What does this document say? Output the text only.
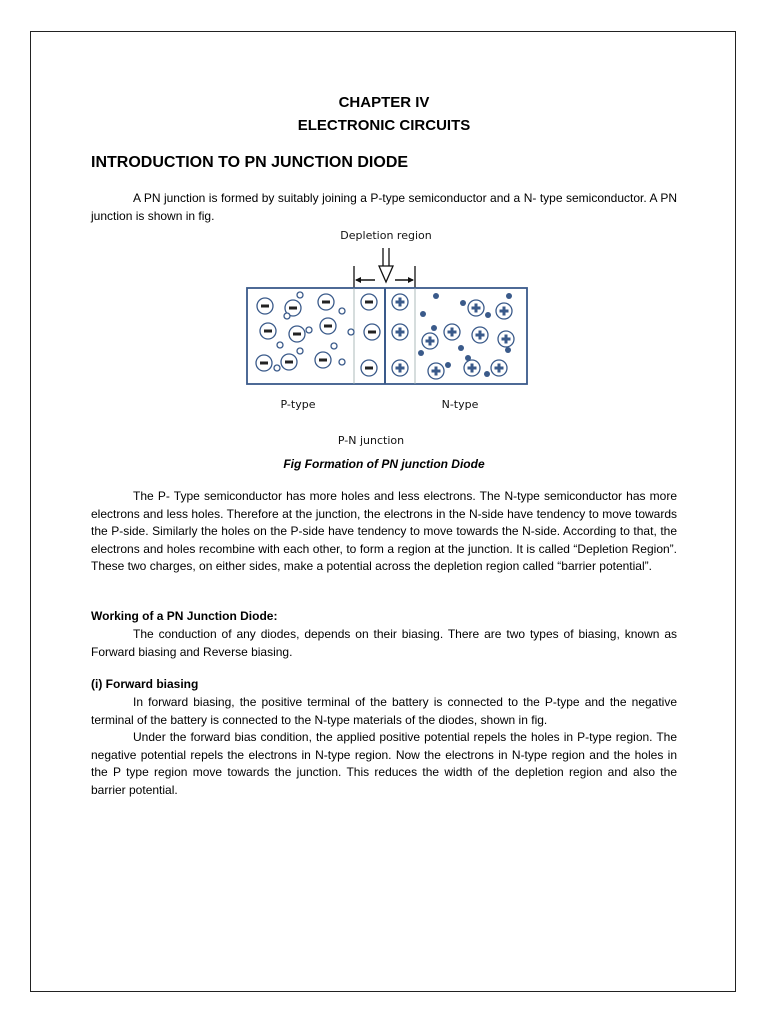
CHAPTER IV
ELECTRONIC CIRCUITS
INTRODUCTION TO PN JUNCTION DIODE

A PN junction is formed by suitably joining a P-type semiconductor and a N- type semiconductor. A PN junction is shown in fig.

Depletion region
P-type	N-type
P-N junction

Fig Formation of PN junction Diode

The P- Type semiconductor has more holes and less electrons. The N-type semiconductor has more electrons and less holes. Therefore at the junction, the electrons in the N-side have tendency to move towards the P-side. Similarly the holes on the P-side have tendency to move towards the N-side. According to that, the electrons and holes recombine with each other, to form a region at the junction. It is called “Depletion Region”. These two charges, on either sides, make a potential across the depletion region called “barrier potential”.

Working of a PN Junction Diode:

The conduction of any diodes, depends on their biasing. There are two types of biasing, known as Forward biasing and Reverse biasing.

(i) Forward biasing

In forward biasing, the positive terminal of the battery is connected to the P-type and the negative terminal of the battery is connected to the N-type materials of the diodes, shown in fig.

Under the forward bias condition, the applied positive potential repels the holes in P-type region. The negative potential repels the electrons in N-type region. Now the electrons in N-type region and the holes in the P type region move towards the junction. This reduces the width of the depletion region and also the barrier potential.
